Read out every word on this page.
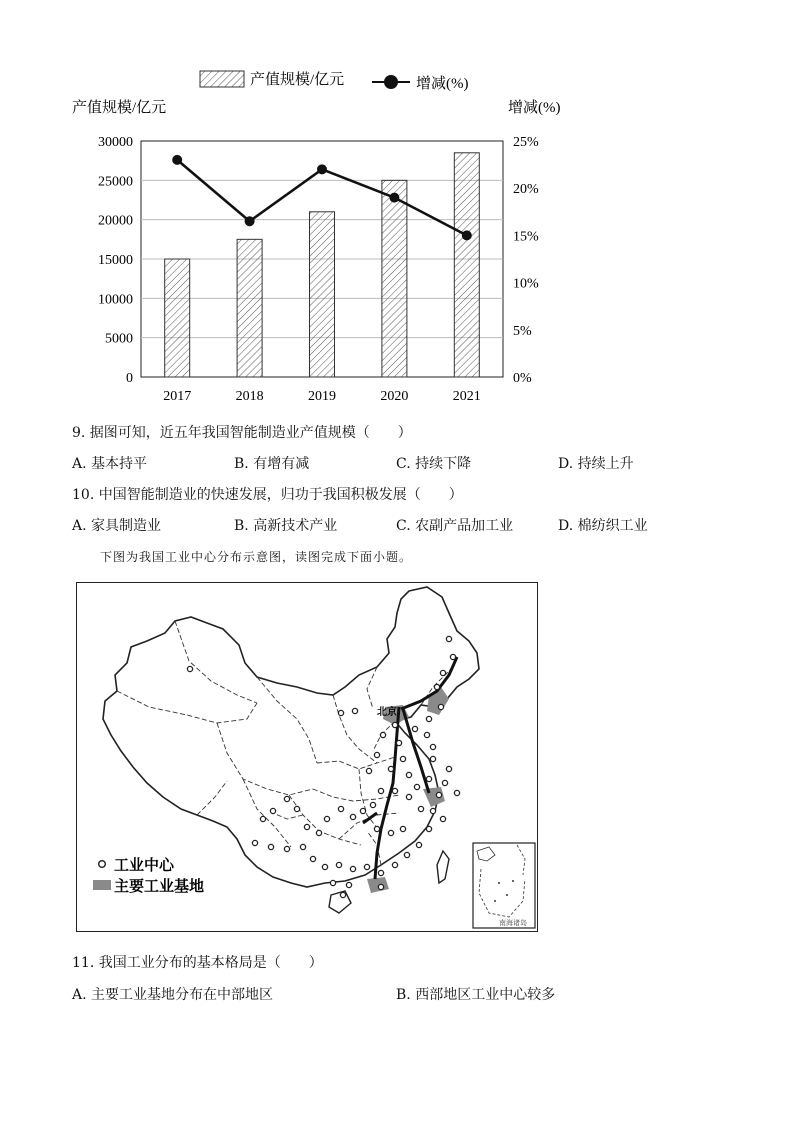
产值规模/亿元	增减(%)
产值规模/亿元	增减(%)
0
5000
10000
15000
20000
25000
30000
0%
5%
10%
15%
20%
25%
2017	2018	2019	2020	2021
9. 据图可知，近五年我国智能制造业产值规模（　　）
A. 基本持平	B. 有增有减	C. 持续下降	D. 持续上升
10. 中国智能制造业的快速发展，归功于我国积极发展（　　）
A. 家具制造业	B. 高新技术产业	C. 农副产品加工业	D. 棉纺织工业
下图为我国工业中心分布示意图，读图完成下面小题。
北京
工业中心
主要工业基地
南海诸岛
11. 我国工业分布的基本格局是（　　）
A. 主要工业基地分布在中部地区	B. 西部地区工业中心较多
